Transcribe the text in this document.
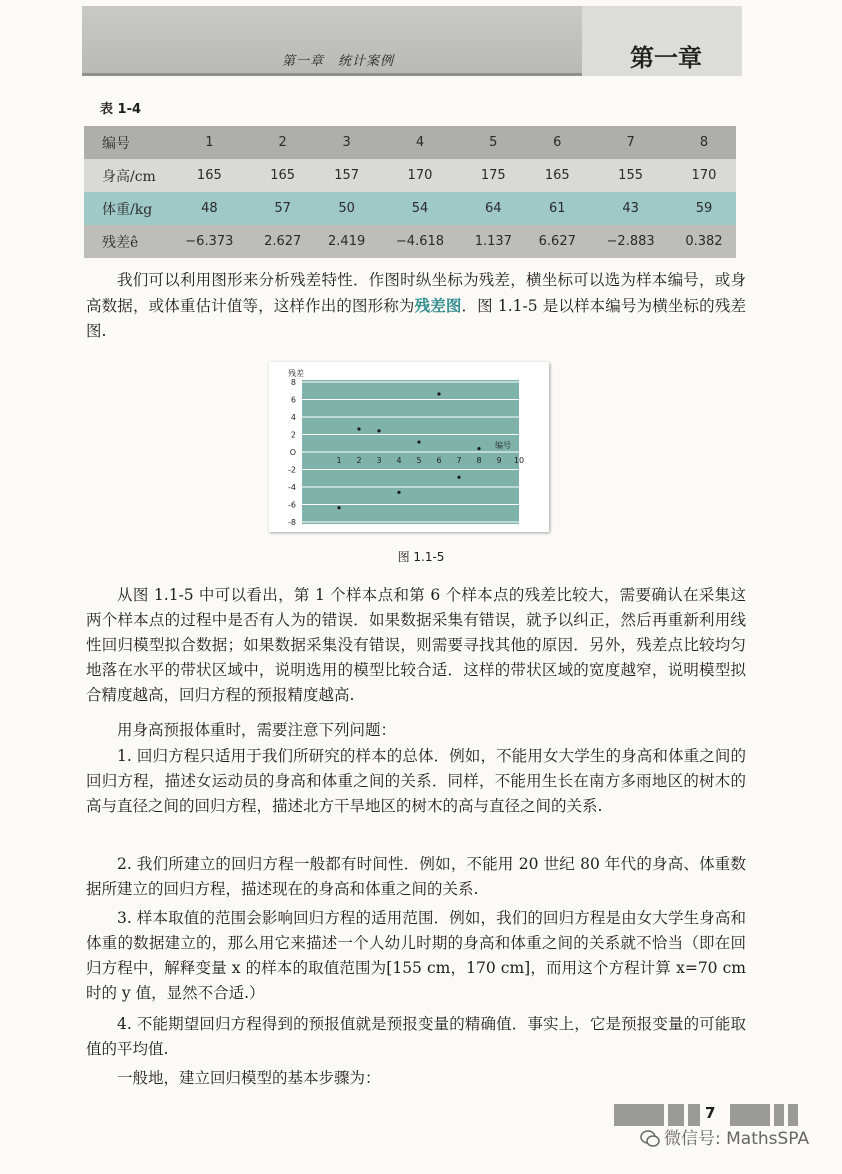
第一章　统计案例	第一章
表 1-4
编号	1	2	3	4	5	6	7	8
身高/cm	165	165	157	170	175	165	155	170
体重/kg	48	57	50	54	64	61	43	59
残差ê	−6.373	2.627	2.419	−4.618	1.137	6.627	−2.883	0.382

我们可以利用图形来分析残差特性．作图时纵坐标为残差，横坐标可以选为样本编号，或身高数据，或体重估计值等，这样作出的图形称为残差图．图 1.1-5 是以样本编号为横坐标的残差图.

8
6
4
2
O
-2
-4
-6
-8
残差
1 2 3 4 5 6 7 8 9 10
编号
图 1.1-5

从图 1.1-5 中可以看出，第 1 个样本点和第 6 个样本点的残差比较大，需要确认在采集这两个样本点的过程中是否有人为的错误．如果数据采集有错误，就予以纠正，然后再重新利用线性回归模型拟合数据；如果数据采集没有错误，则需要寻找其他的原因．另外，残差点比较均匀地落在水平的带状区域中，说明选用的模型比较合适．这样的带状区域的宽度越窄，说明模型拟合精度越高，回归方程的预报精度越高.

用身高预报体重时，需要注意下列问题：

1. 回归方程只适用于我们所研究的样本的总体．例如，不能用女大学生的身高和体重之间的回归方程，描述女运动员的身高和体重之间的关系．同样，不能用生长在南方多雨地区的树木的高与直径之间的回归方程，描述北方干旱地区的树木的高与直径之间的关系.

2. 我们所建立的回归方程一般都有时间性．例如，不能用 20 世纪 80 年代的身高、体重数据所建立的回归方程，描述现在的身高和体重之间的关系.

3. 样本取值的范围会影响回归方程的适用范围．例如，我们的回归方程是由女大学生身高和体重的数据建立的，那么用它来描述一个人幼儿时期的身高和体重之间的关系就不恰当（即在回归方程中，解释变量 x 的样本的取值范围为[155 cm，170 cm]，而用这个方程计算 x=70 cm 时的 y 值，显然不合适.）

4. 不能期望回归方程得到的预报值就是预报变量的精确值．事实上，它是预报变量的可能取值的平均值.

一般地，建立回归模型的基本步骤为：

7
微信号: MathsSPA
